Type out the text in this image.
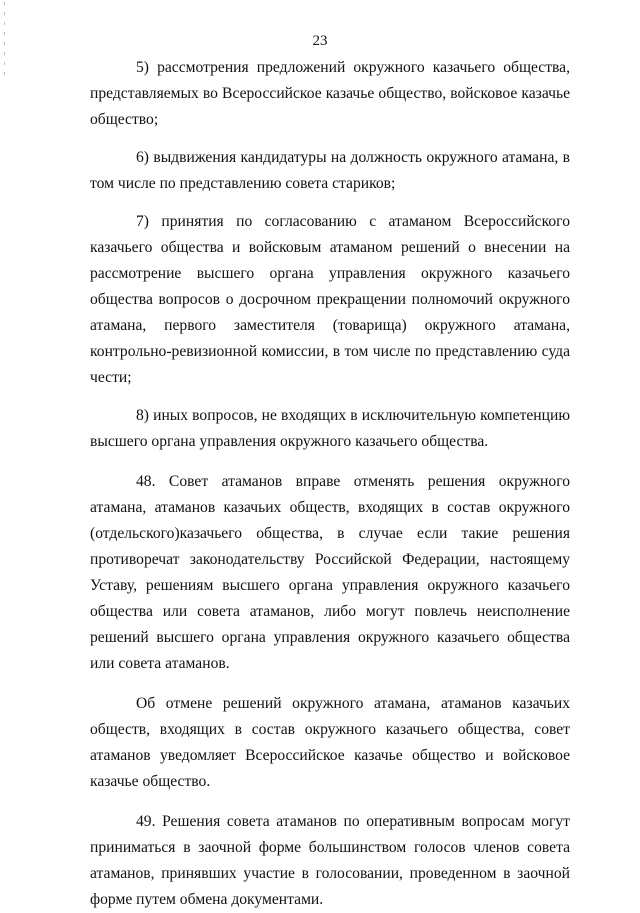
23

5) рассмотрения предложений окружного казачьего общества, представляемых во Всероссийское казачье общество, войсковое казачье общество;

6) выдвижения кандидатуры на должность окружного атамана, в том числе по представлению совета стариков;

7) принятия по согласованию с атаманом Всероссийского казачьего общества и войсковым атаманом решений о внесении на рассмотрение высшего органа управления окружного казачьего общества вопросов о досрочном прекращении полномочий окружного атамана, первого заместителя (товарища) окружного атамана, контрольно-ревизионной комиссии, в том числе по представлению суда чести;

8) иных вопросов, не входящих в исключительную компетенцию высшего органа управления окружного казачьего общества.

48. Совет атаманов вправе отменять решения окружного атамана, атаманов казачьих обществ, входящих в состав окружного (отдельского)казачьего общества, в случае если такие решения противоречат законодательству Российской Федерации, настоящему Уставу, решениям высшего органа управления окружного казачьего общества или совета атаманов, либо могут повлечь неисполнение решений высшего органа управления окружного казачьего общества или совета атаманов.

Об отмене решений окружного атамана, атаманов казачьих обществ, входящих в состав окружного казачьего общества, совет атаманов уведомляет Всероссийское казачье общество и войсковое казачье общество.

49. Решения совета атаманов по оперативным вопросам могут приниматься в заочной форме большинством голосов членов совета атаманов, принявших участие в голосовании, проведенном в заочной форме путем обмена документами.
